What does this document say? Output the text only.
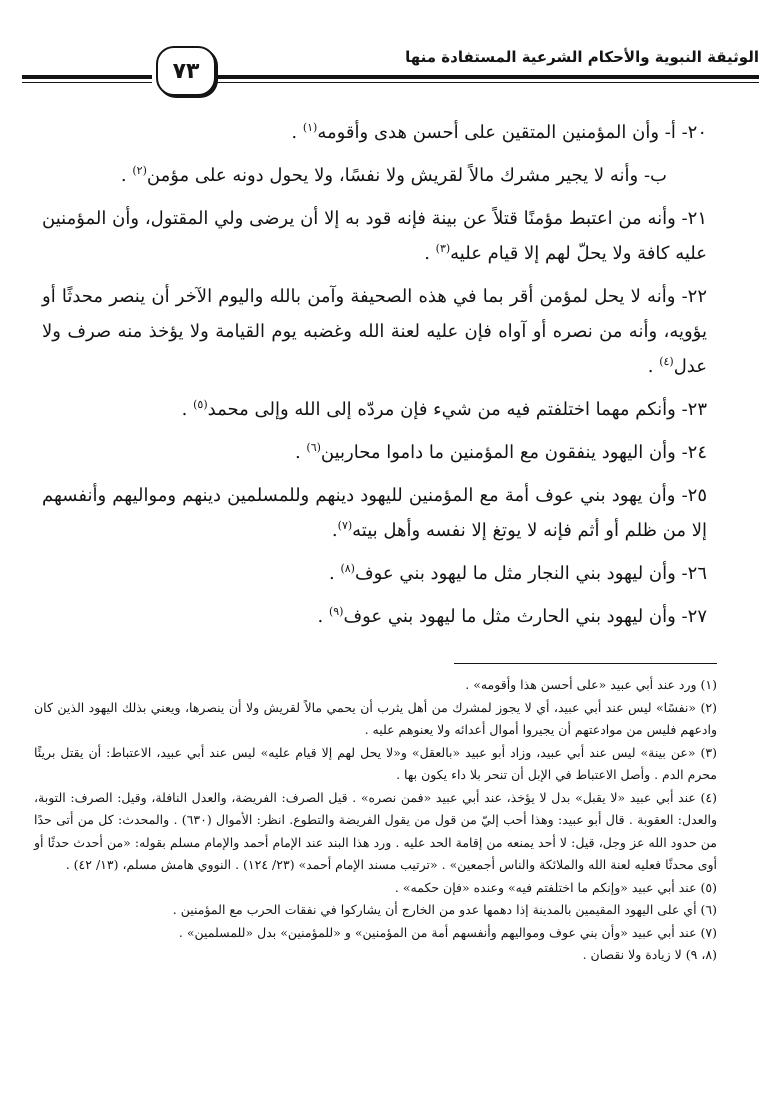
الوثيقة النبوية والأحكام الشرعية المستفادة منها
٧٣

٢٠- أ- وأن المؤمنين المتقين على أحسن هدى وأقومه$^{(١)}$ .

ب- وأنه لا يجير مشرك مالاً لقريش ولا نفسًا، ولا يحول دونه على مؤمن$^{(٢)}$ .

٢١- وأنه من اعتبط مؤمنًا قتلاً عن بينة فإنه قود به إلا أن يرضى ولي المقتول، وأن المؤمنين عليه كافة ولا يحلّ لهم إلا قيام عليه$^{(٣)}$ .

٢٢- وأنه لا يحل لمؤمن أقر بما في هذه الصحيفة وآمن بالله واليوم الآخر أن ينصر محدثًا أو يؤويه، وأنه من نصره أو آواه فإن عليه لعنة الله وغضبه يوم القيامة ولا يؤخذ منه صرف ولا عدل$^{(٤)}$ .

٢٣- وأنكم مهما اختلفتم فيه من شيء فإن مردّه إلى الله وإلى محمد$^{(٥)}$ .

٢٤- وأن اليهود ينفقون مع المؤمنين ما داموا محاربين$^{(٦)}$ .

٢٥- وأن يهود بني عوف أمة مع المؤمنين لليهود دينهم وللمسلمين دينهم ومواليهم وأنفسهم إلا من ظلم أو أثم فإنه لا يوتغ إلا نفسه وأهل بيته$^{(٧)}$.

٢٦- وأن ليهود بني النجار مثل ما ليهود بني عوف$^{(٨)}$ .

٢٧- وأن ليهود بني الحارث مثل ما ليهود بني عوف$^{(٩)}$ .

(١) ورد عند أبي عبيد «على أحسن هذا وأقومه» .

(٢) «نفسًا» ليس عند أبي عبيد، أي لا يجوز لمشرك من أهل يثرب أن يحمي مالاً لقريش ولا أن ينصرها، ويعني بذلك اليهود الذين كان وادعهم فليس من موادعتهم أن يجيروا أموال أعدائه ولا يعنوهم عليه .

(٣) «عن بينة» ليس عند أبي عبيد، وزاد أبو عبيد «بالعقل» و«لا يحل لهم إلا قيام عليه» ليس عند أبي عبيد، الاعتباط: أن يقتل بريئًا محرم الدم . وأصل الاعتباط في الإبل أن تنحر بلا داء يكون بها .

(٤) عند أبي عبيد «لا يقبل» بدل لا يؤخذ، عند أبي عبيد «فمن نصره» . قيل الصرف: الفريضة، والعدل النافلة، وقيل: الصرف: التوبة، والعدل: العقوبة . قال أبو عبيد: وهذا أحب إليّ من قول من يقول الفريضة والتطوع. انظر: الأموال (٦٣٠) . والمحدث: كل من أتى حدًا من حدود الله عز وجل، قيل: لا أحد يمنعه من إقامة الحد عليه . ورد هذا البند عند الإمام أحمد والإمام مسلم بقوله: «من أحدث حدثًا أو أوى محدثًا فعليه لعنة الله والملائكة والناس أجمعين» . «ترتيب مسند الإمام أحمد» (٢٣/ ١٢٤) . النووي هامش مسلم، (١٣/ ٤٢) .

(٥) عند أبي عبيد «وإنكم ما اختلفتم فيه» وعنده «فإن حكمه» .

(٦) أي على اليهود المقيمين بالمدينة إذا دهمها عدو من الخارج أن يشاركوا في نفقات الحرب مع المؤمنين .

(٧) عند أبي عبيد «وأن بني عوف ومواليهم وأنفسهم أمة من المؤمنين» و «للمؤمنين» بدل «للمسلمين» .

(٨، ٩) لا زيادة ولا نقصان .
